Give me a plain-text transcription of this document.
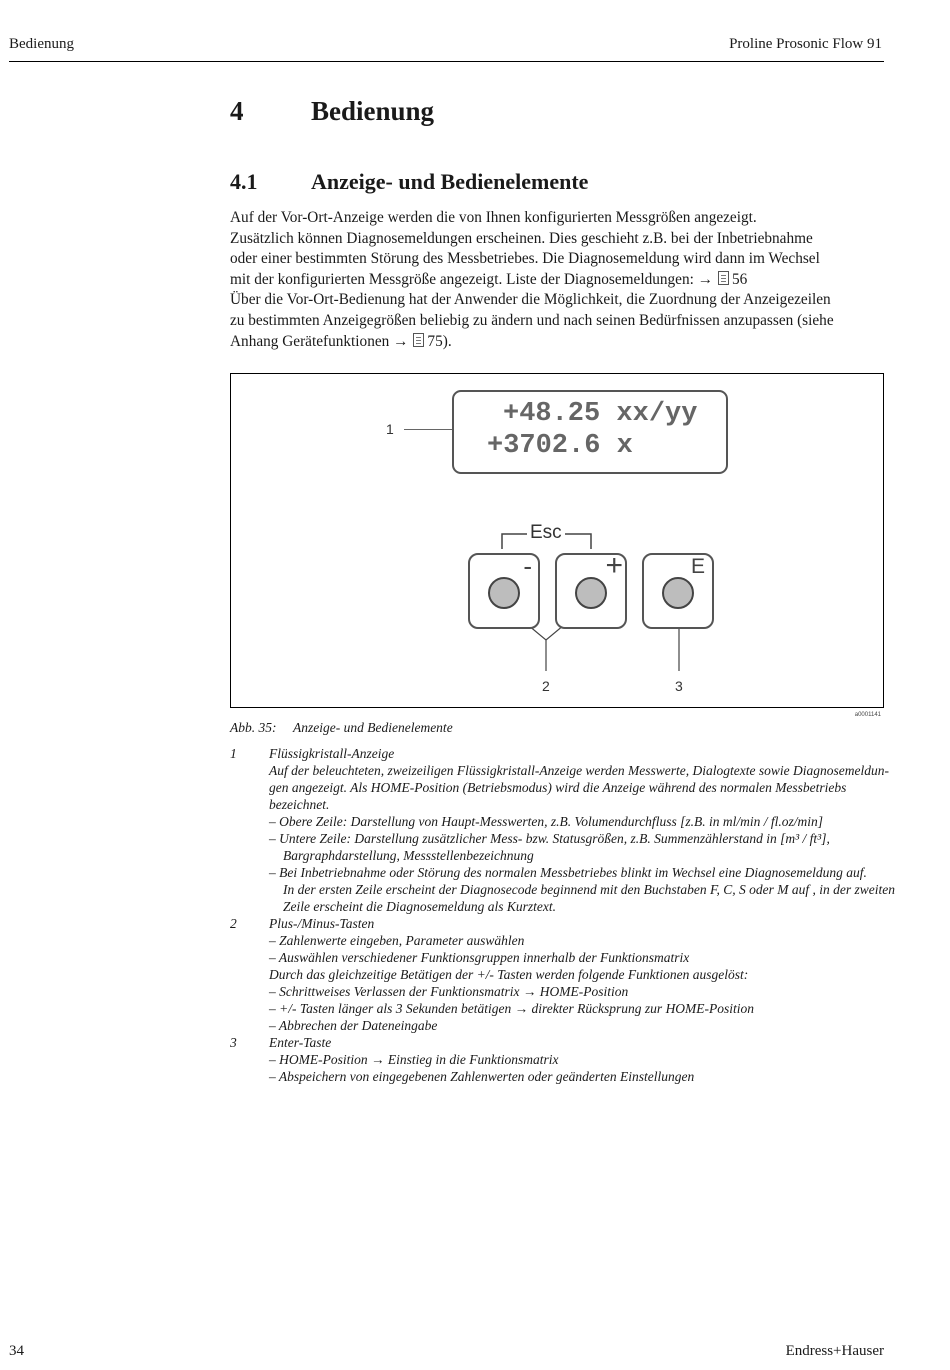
Bedienung	Proline Prosonic Flow 91
4	Bedienung
4.1 Anzeige- und Bedienelemente
Auf der Vor-Ort-Anzeige werden die von Ihnen konfigurierten Messgrößen angezeigt.
Zusätzlich können Diagnosemeldungen erscheinen. Dies geschieht z.B. bei der Inbetriebnahme
oder einer bestimmten Störung des Messbetriebes. Die Diagnosemeldung wird dann im Wechsel
mit der konfigurierten Messgröße angezeigt. Liste der Diagnosemeldungen: → 56
Über die Vor-Ort-Bedienung hat der Anwender die Möglichkeit, die Zuordnung der Anzeigezeilen
zu bestimmten Anzeigegrößen beliebig zu ändern und nach seinen Bedürfnissen anzupassen (siehe
Anhang Gerätefunktionen → 75).
1	+48.25 xx/yy
+3702.6 x
Esc
- +	E
2	3
a0001141
Abb. 35: Anzeige- und Bedienelemente
1 Flüssigkristall-Anzeige
Auf der beleuchteten, zweizeiligen Flüssigkristall-Anzeige werden Messwerte, Dialogtexte sowie Diagnosemeldun-
gen angezeigt. Als HOME-Position (Betriebsmodus) wird die Anzeige während des normalen Messbetriebs
bezeichnet.
– Obere Zeile: Darstellung von Haupt-Messwerten, z.B. Volumendurchfluss [z.B. in ml/min / fl.oz/min]
– Untere Zeile: Darstellung zusätzlicher Mess- bzw. Statusgrößen, z.B. Summenzählerstand in [m³ / ft³],
Bargraphdarstellung, Messstellenbezeichnung
– Bei Inbetriebnahme oder Störung des normalen Messbetriebes blinkt im Wechsel eine Diagnosemeldung auf.
In der ersten Zeile erscheint der Diagnosecode beginnend mit den Buchstaben F, C, S oder M auf , in der zweiten
Zeile erscheint die Diagnosemeldung als Kurztext.
2 Plus-/Minus-Tasten
– Zahlenwerte eingeben, Parameter auswählen
– Auswählen verschiedener Funktionsgruppen innerhalb der Funktionsmatrix
Durch das gleichzeitige Betätigen der +/- Tasten werden folgende Funktionen ausgelöst:
– Schrittweises Verlassen der Funktionsmatrix → HOME-Position
– +/- Tasten länger als 3 Sekunden betätigen → direkter Rücksprung zur HOME-Position
– Abbrechen der Dateneingabe
3 Enter-Taste
– HOME-Position → Einstieg in die Funktionsmatrix
– Abspeichern von eingegebenen Zahlenwerten oder geänderten Einstellungen
34	Endress+Hauser
